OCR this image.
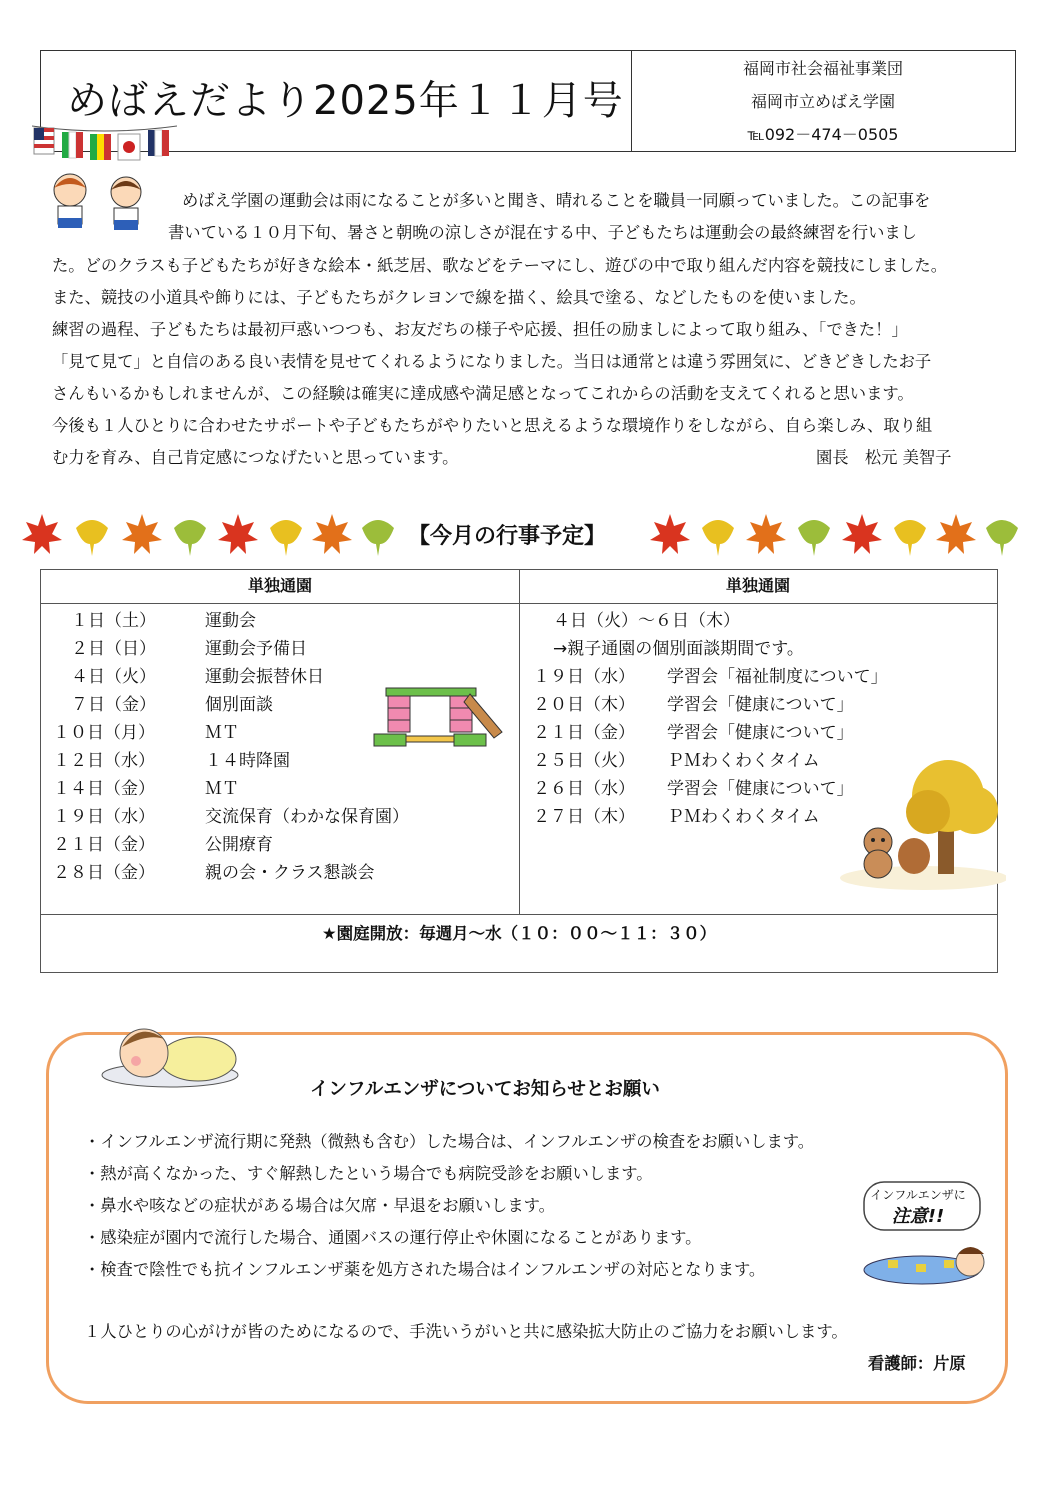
めばえだより2025年１１月号
福岡市社会福祉事業団
福岡市立めばえ学園
℡092－474－0505
めばえ学園の運動会は雨になることが多いと聞き、晴れることを職員一同願っていました。この記事を
書いている１０月下旬、暑さと朝晩の涼しさが混在する中、子どもたちは運動会の最終練習を行いまし
た。どのクラスも子どもたちが好きな絵本・紙芝居、歌などをテーマにし、遊びの中で取り組んだ内容を競技にしました。
また、競技の小道具や飾りには、子どもたちがクレヨンで線を描く、絵具で塗る、などしたものを使いました。
練習の過程、子どもたちは最初戸惑いつつも、お友だちの様子や応援、担任の励ましによって取り組み、「できた！」
「見て見て」と自信のある良い表情を見せてくれるようになりました。当日は通常とは違う雰囲気に、どきどきしたお子
さんもいるかもしれませんが、この経験は確実に達成感や満足感となってこれからの活動を支えてくれると思います。
今後も１人ひとりに合わせたサポートや子どもたちがやりたいと思えるような環境作りをしながら、自ら楽しみ、取り組
む力を育み、自己肯定感につなげたいと思っています。	園長　松元 美智子
【今月の行事予定】
単独通園	単独通園
１日（土）	運動会
２日（日）	運動会予備日
４日（火）	運動会振替休日
７日（金）	個別面談
１０日（月）	ＭＴ
１２日（水）	１４時降園
１４日（金）	ＭＴ
１９日（水）	交流保育（わかな保育園）
２１日（金）	公開療育
２８日（金）	親の会・クラス懇談会
４日（火）～６日（木）
→親子通園の個別面談期間です。
１９日（水） 学習会「福祉制度について」
２０日（木） 学習会「健康について」
２１日（金） 学習会「健康について」
２５日（火） ＰＭわくわくタイム
２６日（水） 学習会「健康について」
２７日（木） ＰＭわくわくタイム
★園庭開放：毎週月～水（１０：００～１１：３０）
インフルエンザについてお知らせとお願い
・インフルエンザ流行期に発熱（微熱も含む）した場合は、インフルエンザの検査をお願いします。
・熱が高くなかった、すぐ解熱したという場合でも病院受診をお願いします。
・鼻水や咳などの症状がある場合は欠席・早退をお願いします。
・感染症が園内で流行した場合、通園バスの運行停止や休園になることがあります。
・検査で陰性でも抗インフルエンザ薬を処方された場合はインフルエンザの対応となります。
１人ひとりの心がけが皆のためになるので、手洗いうがいと共に感染拡大防止のご協力をお願いします。
看護師：片原
インフルエンザに
注意!!
